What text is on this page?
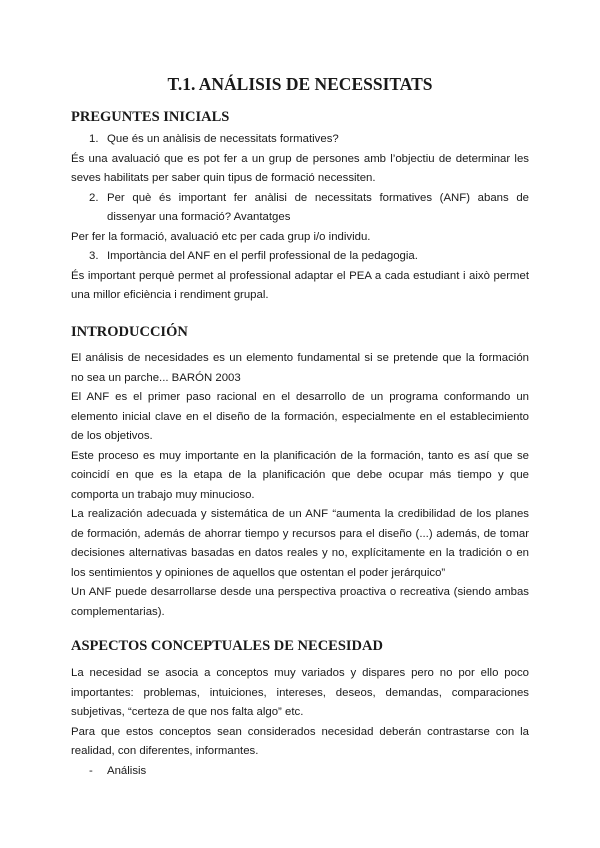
T.1. ANÁLISIS DE NECESSITATS
PREGUNTES INICIALS
1. Que és un anàlisis de necessitats formatives?

És una avaluació que es pot fer a un grup de persones amb l’objectiu de determinar les seves habilitats per saber quin tipus de formació necessiten.

2. Per què és important fer anàlisi de necessitats formatives (ANF) abans de dissenyar una formació? Avantatges

Per fer la formació, avaluació etc per cada grup i/o individu.

3. Importància del ANF en el perfil professional de la pedagogia.

És important perquè permet al professional adaptar el PEA a cada estudiant i això permet una millor eficiència i rendiment grupal.

INTRODUCCIÓN

El análisis de necesidades es un elemento fundamental si se pretende que la formación no sea un parche... BARÓN 2003

El ANF es el primer paso racional en el desarrollo de un programa conformando un elemento inicial clave en el diseño de la formación, especialmente en el establecimiento de los objetivos.

Este proceso es muy importante en la planificación de la formación, tanto es así que se coincidí en que es la etapa de la planificación que debe ocupar más tiempo y que comporta un trabajo muy minucioso.

La realización adecuada y sistemática de un ANF “aumenta la credibilidad de los planes de formación, además de ahorrar tiempo y recursos para el diseño (...) además, de tomar decisiones alternativas basadas en datos reales y no, explícitamente en la tradición o en los sentimientos y opiniones de aquellos que ostentan el poder jerárquico”

Un ANF puede desarrollarse desde una perspectiva proactiva o recreativa (siendo ambas complementarias).

ASPECTOS CONCEPTUALES DE NECESIDAD

La necesidad se asocia a conceptos muy variados y dispares pero no por ello poco importantes: problemas, intuiciones, intereses, deseos, demandas, comparaciones subjetivas, “certeza de que nos falta algo” etc.

Para que estos conceptos sean considerados necesidad deberán contrastarse con la realidad, con diferentes, informantes.

- Análisis
